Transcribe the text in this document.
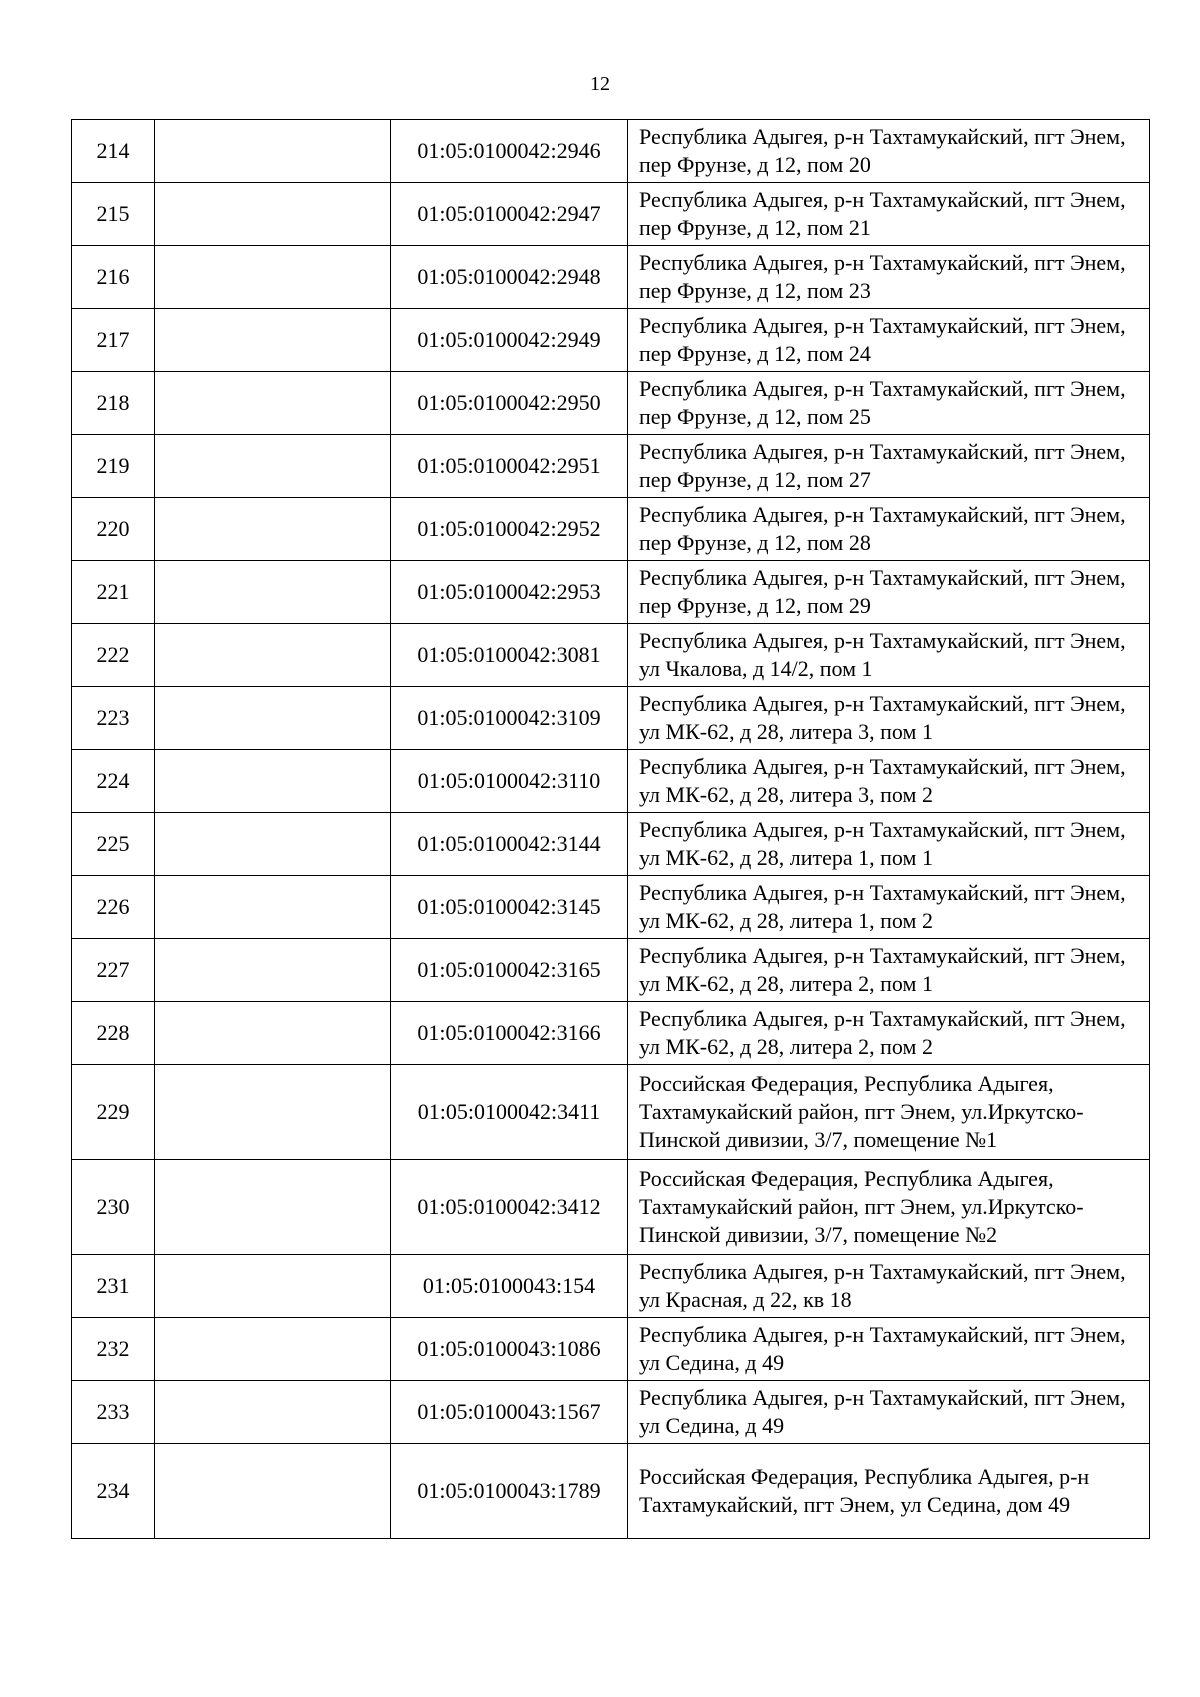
12
214		01:05:0100042:2946	Республика Адыгея, р-н Тахтамукайский, пгт Энем, пер Фрунзе, д 12, пом 20
215		01:05:0100042:2947	Республика Адыгея, р-н Тахтамукайский, пгт Энем, пер Фрунзе, д 12, пом 21
216		01:05:0100042:2948	Республика Адыгея, р-н Тахтамукайский, пгт Энем, пер Фрунзе, д 12, пом 23
217		01:05:0100042:2949	Республика Адыгея, р-н Тахтамукайский, пгт Энем, пер Фрунзе, д 12, пом 24
218		01:05:0100042:2950	Республика Адыгея, р-н Тахтамукайский, пгт Энем, пер Фрунзе, д 12, пом 25
219		01:05:0100042:2951	Республика Адыгея, р-н Тахтамукайский, пгт Энем, пер Фрунзе, д 12, пом 27
220		01:05:0100042:2952	Республика Адыгея, р-н Тахтамукайский, пгт Энем, пер Фрунзе, д 12, пом 28
221		01:05:0100042:2953	Республика Адыгея, р-н Тахтамукайский, пгт Энем, пер Фрунзе, д 12, пом 29
222		01:05:0100042:3081	Республика Адыгея, р-н Тахтамукайский, пгт Энем, ул Чкалова, д 14/2, пом 1
223		01:05:0100042:3109	Республика Адыгея, р-н Тахтамукайский, пгт Энем, ул МК-62, д 28, литера 3, пом 1
224		01:05:0100042:3110	Республика Адыгея, р-н Тахтамукайский, пгт Энем, ул МК-62, д 28, литера 3, пом 2
225		01:05:0100042:3144	Республика Адыгея, р-н Тахтамукайский, пгт Энем, ул МК-62, д 28, литера 1, пом 1
226		01:05:0100042:3145	Республика Адыгея, р-н Тахтамукайский, пгт Энем, ул МК-62, д 28, литера 1, пом 2
227		01:05:0100042:3165	Республика Адыгея, р-н Тахтамукайский, пгт Энем, ул МК-62, д 28, литера 2, пом 1
228		01:05:0100042:3166	Республика Адыгея, р-н Тахтамукайский, пгт Энем, ул МК-62, д 28, литера 2, пом 2
229		01:05:0100042:3411	Российская Федерация, Республика Адыгея, Тахтамукайский район, пгт Энем, ул.Иркутско-Пинской дивизии, 3/7, помещение №1
230		01:05:0100042:3412	Российская Федерация, Республика Адыгея, Тахтамукайский район, пгт Энем, ул.Иркутско-Пинской дивизии, 3/7, помещение №2
231		01:05:0100043:154	Республика Адыгея, р-н Тахтамукайский, пгт Энем, ул Красная, д 22, кв 18
232		01:05:0100043:1086	Республика Адыгея, р-н Тахтамукайский, пгт Энем, ул Седина, д 49
233		01:05:0100043:1567	Республика Адыгея, р-н Тахтамукайский, пгт Энем, ул Седина, д 49
234		01:05:0100043:1789	Российская Федерация, Республика Адыгея, р-н Тахтамукайский, пгт Энем, ул Седина, дом 49
